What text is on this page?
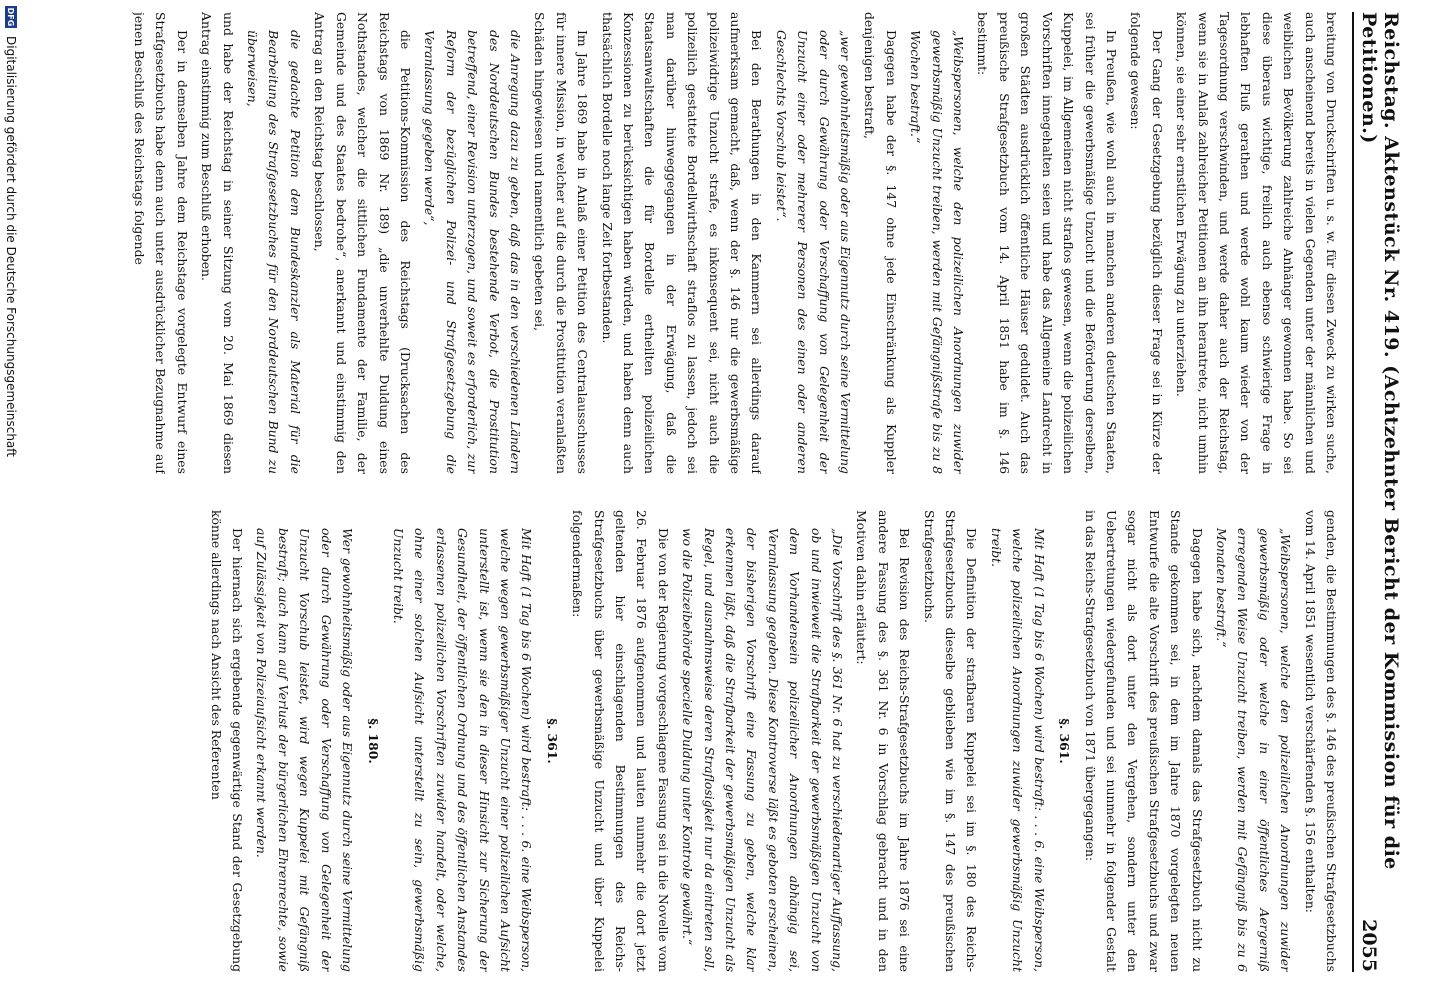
Reichstag. Aktenstück Nr. 419. (Achtzehnter Bericht der Kommission für die Petitionen.)
2055

breitung von Druckschriften u. s. w. für diesen Zweck zu wirken suche, auch anscheinend bereits in vielen Gegenden unter der männlichen und weiblichen Bevölkerung zahlreiche Anhänger gewonnen habe. So sei diese überaus wichtige, freilich auch ebenso schwierige Frage in lebhaften Fluß gerathen und werde wohl kaum wieder von der Tagesordnung verschwinden, und werde daher auch der Reichstag, wenn sie in Anlaß zahlreicher Petitionen an ihn herantrete, nicht umhin können, sie einer sehr ernstlichen Erwägung zu unterziehen.

Der Gang der Gesetzgebung bezüglich dieser Frage sei in Kürze der folgende gewesen:

In Preußen, wie wohl auch in manchen anderen deutschen Staaten, sei früher die gewerbsmäßige Unzucht und die Beförderung derselben, Kuppelei, im Allgemeinen nicht straflos gewesen, wenn die polizeilichen Vorschriften innegehalten seien und habe das Allgemeine Landrecht in großen Städten ausdrücklich öffentliche Häuser geduldet. Auch das preußische Strafgesetzbuch vom 14. April 1851 habe im §. 146 bestimmt:

„Weibspersonen, welche den polizeilichen Anordnungen zuwider gewerbsmäßig Unzucht treiben, werden mit Gefängnißstrafe bis zu 8 Wochen bestraft.“

Dagegen habe der §. 147 ohne jede Einschränkung als Kuppler denjenigen bestraft,

„wer gewohnheitsmäßig oder aus Eigennutz durch seine Vermittelung oder durch Gewährung oder Verschaffung von Gelegenheit der Unzucht einer oder mehrerer Personen des einen oder anderen Geschlechts Vorschub leistet“.

Bei den Berathungen in den Kammern sei allerdings darauf aufmerksam gemacht, daß, wenn der §. 146 nur die gewerbsmäßige polizeiwidrige Unzucht strafe, es inkonsequent sei, nicht auch die polizeilich gestattete Bordellwirthschaft straflos zu lassen, jedoch sei man darüber hinweggegangen in der Erwägung, daß die Staatsanwaltschaften die für Bordelle ertheilten polizeilichen Konzessionen zu berücksichtigen haben würden, und haben denn auch thatsächlich Bordelle noch lange Zeit fortbestanden.

Im Jahre 1869 habe in Anlaß einer Petition des Centralausschusses für innere Mission, in welcher auf die durch die Prostitution veranlaßten Schäden hingewiesen und namentlich gebeten sei,

die Anregung dazu zu geben, daß das in den verschiedenen Ländern des Norddeutschen Bundes bestehende Verbot, die Prostitution betreffend, einer Revision unterzogen, und soweit es erforderlich, zur Reform der bezüglichen Polizei- und Strafgesetzgebung die Veranlassung gegeben werde“,

die Petitions-Kommission des Reichstags (Drucksachen des Reichstags von 1869 Nr. 189) „die unverhehlte Duldung eines Nothstandes, welcher die sittlichen Fundamente der Familie, der Gemeinde und des Staates bedrohe“, anerkannt und einstimmig den Antrag an den Reichstag beschlossen,

die gedachte Petition dem Bundeskanzler als Material für die Bearbeitung des Strafgesetzbuches für den Norddeutschen Bund zu überweisen,

und habe der Reichstag in seiner Sitzung vom 20. Mai 1869 diesen Antrag einstimmig zum Beschluß erhoben.

Der in demselben Jahre dem Reichstage vorgelegte Entwurf eines Strafgesetzbuchs habe denn auch unter ausdrücklicher Bezugnahme auf jenen Beschluß des Reichstags folgende

genden, die Bestimmungen des §. 146 des preußischen Strafgesetzbuchs vom 14. April 1851 wesentlich verschärfenden §. 156 enthalten:

„Weibspersonen, welche den polizeilichen Anordnungen zuwider gewerbsmäßig oder welche in einer öffentliches Aergerniß erregenden Weise Unzucht treiben, werden mit Gefängniß bis zu 6 Monaten bestraft.“

Dagegen habe sich, nachdem damals das Strafgesetzbuch nicht zu Stande gekommen sei, in dem im Jahre 1870 vorgelegten neuen Entwurfe die alte Vorschrift des preußischen Strafgesetzbuchs und zwar sogar nicht als dort unter den Vergehen, sondern unter den Uebertretungen wiedergefunden und sei nunmehr in folgender Gestalt in das Reichs-Strafgesetzbuch von 1871 übergegangen:

§. 361.

Mit Haft (1 Tag bis 6 Wochen) wird bestraft: . . . 6. eine Weibsperson, welche polizeilichen Anordnungen zuwider gewerbsmäßig Unzucht treibt.

Die Definition der strafbaren Kuppelei sei im §. 180 des Reichs-Strafgesetzbuchs dieselbe geblieben wie im §. 147 des preußischen Strafgesetzbuchs.

Bei Revision des Reichs-Strafgesetzbuchs im Jahre 1876 sei eine andere Fassung des §. 361 Nr. 6 in Vorschlag gebracht und in den Motiven dahin erläutert:

„Die Vorschrift des §. 361 Nr. 6 hat zu verschiedenartiger Auffassung, ob und inwieweit die Strafbarkeit der gewerbsmäßigen Unzucht von dem Vorhandensein polizeilicher Anordnungen abhängig sei, Veranlassung gegeben. Diese Kontroverse läßt es geboten erscheinen, der bisherigen Vorschrift eine Fassung zu geben, welche klar erkennen läßt, daß die Strafbarkeit der gewerbsmäßigen Unzucht als Regel, und ausnahmsweise deren Straflosigkeit nur da eintreten soll, wo die Polizeibehörde specielle Duldung unter Kontrole gewährt.“

Die von der Regierung vorgeschlagene Fassung sei in die Novelle vom 26. Februar 1876 aufgenommen und lauten nunmehr die dort jetzt geltenden hier einschlagenden Bestimmungen des Reichs-Strafgesetzbuchs über gewerbsmäßige Unzucht und über Kuppelei folgendermaßen:

§. 361.

Mit Haft (1 Tag bis 6 Wochen) wird bestraft: . . . 6. eine Weibsperson, welche wegen gewerbsmäßiger Unzucht einer polizeilichen Aufsicht unterstellt ist, wenn sie den in dieser Hinsicht zur Sicherung der Gesundheit, der öffentlichen Ordnung und des öffentlichen Anstandes erlassenen polizeilichen Vorschriften zuwider handelt, oder welche, ohne einer solchen Aufsicht unterstellt zu sein, gewerbsmäßig Unzucht treibt.

§. 180.

Wer gewohnheitsmäßig oder aus Eigennutz durch seine Vermittelung oder durch Gewährung oder Verschaffung von Gelegenheit der Unzucht Vorschub leistet, wird wegen Kuppelei mit Gefängniß bestraft; auch kann auf Verlust der bürgerlichen Ehrenrechte, sowie auf Zulässigkeit von Polizeiaufsicht erkannt werden.

Der hiernach sich ergebende gegenwärtige Stand der Gesetzgebung könne allerdings nach Ansicht des Referenten

DFG
Digitalisierung gefördert durch die Deutsche Forschungsgemeinschaft
